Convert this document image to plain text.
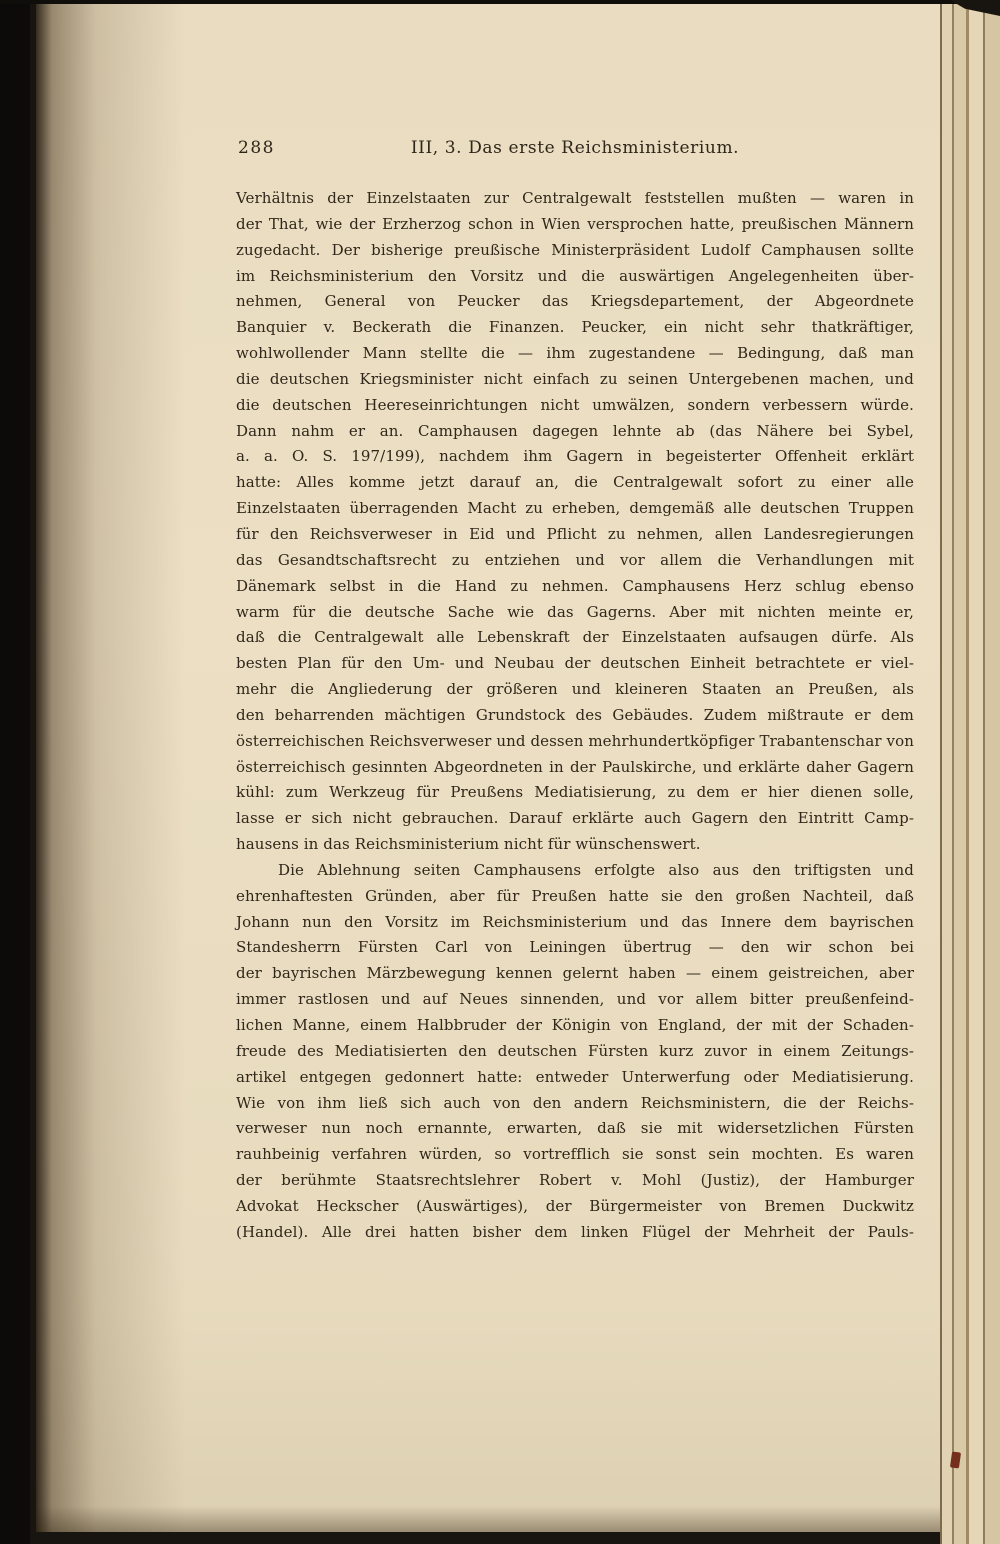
288	III, 3. Das erste Reichsministerium.
Verhältnis der Einzelstaaten zur Centralgewalt feststellen mußten — waren in
der That, wie der Erzherzog schon in Wien versprochen hatte, preußischen Männern
zugedacht. Der bisherige preußische Ministerpräsident Ludolf Camphausen sollte
im Reichsministerium den Vorsitz und die auswärtigen Angelegenheiten über-
nehmen, General von Peucker das Kriegsdepartement, der Abgeordnete
Banquier v. Beckerath die Finanzen. Peucker, ein nicht sehr thatkräftiger,
wohlwollender Mann stellte die — ihm zugestandene — Bedingung, daß man
die deutschen Kriegsminister nicht einfach zu seinen Untergebenen machen, und
die deutschen Heereseinrichtungen nicht umwälzen, sondern verbessern würde.
Dann nahm er an. Camphausen dagegen lehnte ab (das Nähere bei Sybel,
a. a. O. S. 197/199), nachdem ihm Gagern in begeisterter Offenheit erklärt
hatte: Alles komme jetzt darauf an, die Centralgewalt sofort zu einer alle
Einzelstaaten überragenden Macht zu erheben, demgemäß alle deutschen Truppen
für den Reichsverweser in Eid und Pflicht zu nehmen, allen Landesregierungen
das Gesandtschaftsrecht zu entziehen und vor allem die Verhandlungen mit
Dänemark selbst in die Hand zu nehmen. Camphausens Herz schlug ebenso
warm für die deutsche Sache wie das Gagerns. Aber mit nichten meinte er,
daß die Centralgewalt alle Lebenskraft der Einzelstaaten aufsaugen dürfe. Als
besten Plan für den Um- und Neubau der deutschen Einheit betrachtete er viel-
mehr die Angliederung der größeren und kleineren Staaten an Preußen, als
den beharrenden mächtigen Grundstock des Gebäudes. Zudem mißtraute er dem
österreichischen Reichsverweser und dessen mehrhundertköpfiger Trabantenschar von
österreichisch gesinnten Abgeordneten in der Paulskirche, und erklärte daher Gagern
kühl: zum Werkzeug für Preußens Mediatisierung, zu dem er hier dienen solle,
lasse er sich nicht gebrauchen. Darauf erklärte auch Gagern den Eintritt Camp-
hausens in das Reichsministerium nicht für wünschenswert.
Die Ablehnung seiten Camphausens erfolgte also aus den triftigsten und
ehrenhaftesten Gründen, aber für Preußen hatte sie den großen Nachteil, daß
Johann nun den Vorsitz im Reichsministerium und das Innere dem bayrischen
Standesherrn Fürsten Carl von Leiningen übertrug — den wir schon bei
der bayrischen Märzbewegung kennen gelernt haben — einem geistreichen, aber
immer rastlosen und auf Neues sinnenden, und vor allem bitter preußenfeind-
lichen Manne, einem Halbbruder der Königin von England, der mit der Schaden-
freude des Mediatisierten den deutschen Fürsten kurz zuvor in einem Zeitungs-
artikel entgegen gedonnert hatte: entweder Unterwerfung oder Mediatisierung.
Wie von ihm ließ sich auch von den andern Reichsministern, die der Reichs-
verweser nun noch ernannte, erwarten, daß sie mit widersetzlichen Fürsten
rauhbeinig verfahren würden, so vortrefflich sie sonst sein mochten. Es waren
der berühmte Staatsrechtslehrer Robert v. Mohl (Justiz), der Hamburger
Advokat Heckscher (Auswärtiges), der Bürgermeister von Bremen Duckwitz
(Handel). Alle drei hatten bisher dem linken Flügel der Mehrheit der Pauls-
